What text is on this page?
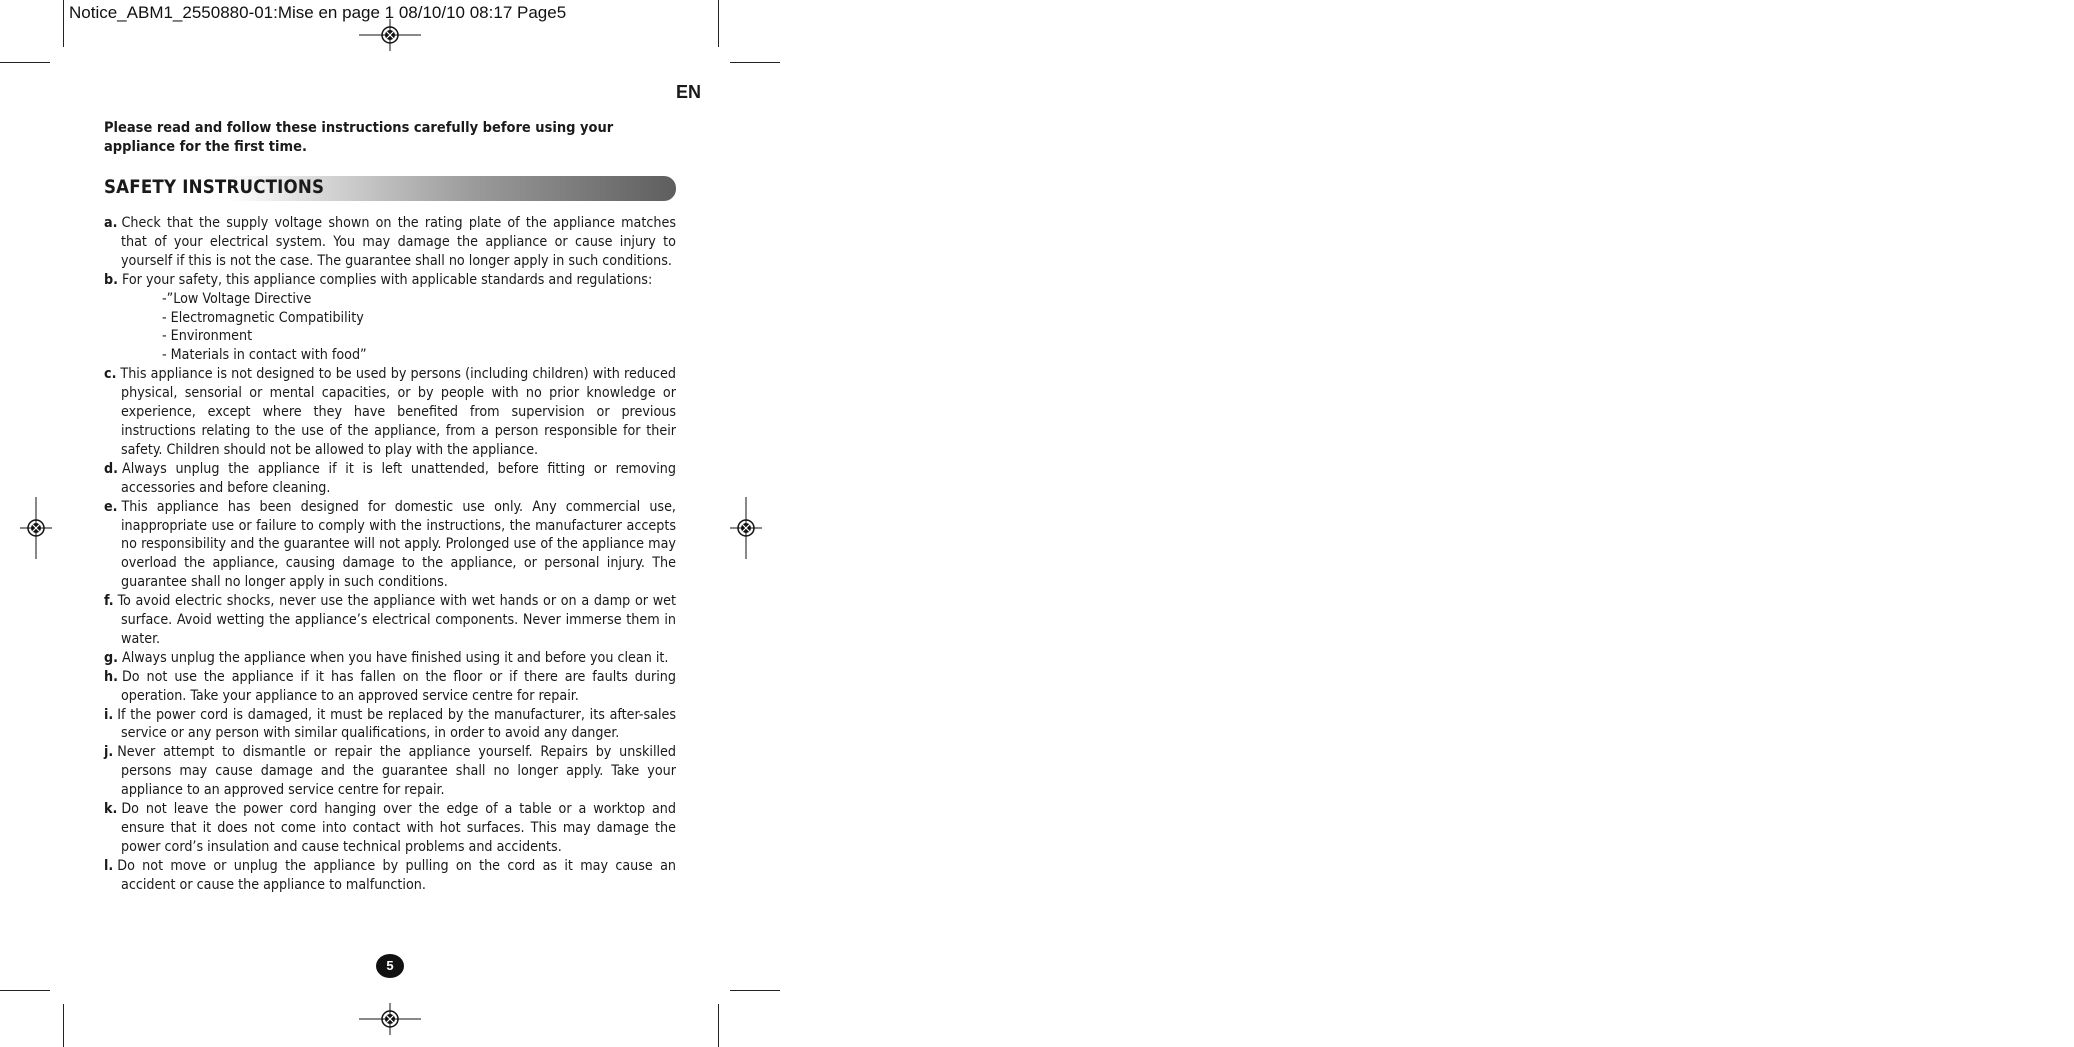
Notice_ABM1_2550880-01:Mise en page 1 08/10/10 08:17 Page5
EN
Please read and follow these instructions carefully before using your appliance for the first time.
SAFETY INSTRUCTIONS
a. Check that the supply voltage shown on the rating plate of the appliance matches that of your electrical system. You may damage the appliance or cause injury to yourself if this is not the case. The guarantee shall no longer apply in such conditions.
b. For your safety, this appliance complies with applicable standards and regulations:
-”Low Voltage Directive
- Electromagnetic Compatibility
- Environment
- Materials in contact with food”
c. This appliance is not designed to be used by persons (including children) with reduced physical, sensorial or mental capacities, or by people with no prior knowledge or experience, except where they have benefited from supervision or previous instructions relating to the use of the appliance, from a person responsible for their safety. Children should not be allowed to play with the appliance.
d. Always unplug the appliance if it is left unattended, before fitting or removing accessories and before cleaning.
e. This appliance has been designed for domestic use only. Any commercial use, inappropriate use or failure to comply with the instructions, the manufacturer accepts no responsibility and the guarantee will not apply. Prolonged use of the appliance may overload the appliance, causing damage to the appliance, or personal injury. The guarantee shall no longer apply in such conditions.
f. To avoid electric shocks, never use the appliance with wet hands or on a damp or wet surface. Avoid wetting the appliance’s electrical components. Never immerse them in water.
g. Always unplug the appliance when you have finished using it and before you clean it.
h. Do not use the appliance if it has fallen on the floor or if there are faults during operation. Take your appliance to an approved service centre for repair.
i. If the power cord is damaged, it must be replaced by the manufacturer, its after-sales service or any person with similar qualifications, in order to avoid any danger.
j. Never attempt to dismantle or repair the appliance yourself. Repairs by unskilled persons may cause damage and the guarantee shall no longer apply. Take your appliance to an approved service centre for repair.
k. Do not leave the power cord hanging over the edge of a table or a worktop and ensure that it does not come into contact with hot surfaces. This may damage the power cord’s insulation and cause technical problems and accidents.
l. Do not move or unplug the appliance by pulling on the cord as it may cause an accident or cause the appliance to malfunction.
5
